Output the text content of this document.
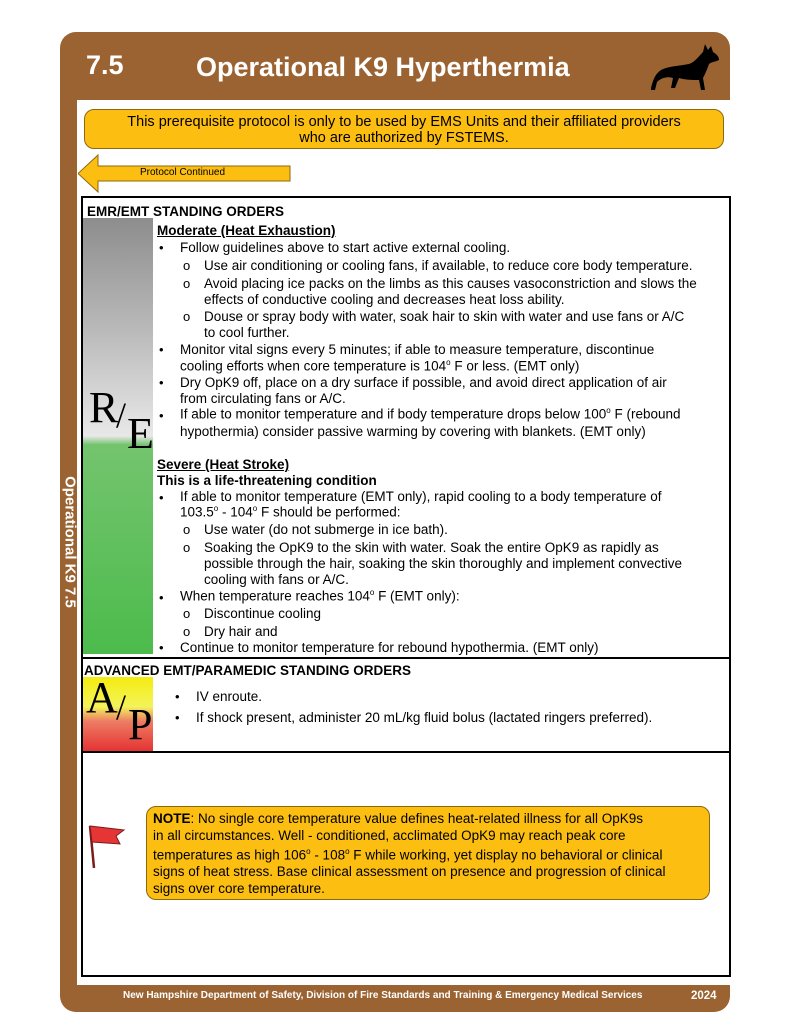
7.5	Operational K9 Hyperthermia
Operational K9 7.5
This prerequisite protocol is only to be used by EMS Units and their affiliated providers
who are authorized by FSTEMS.
Protocol Continued
EMR/EMT STANDING ORDERS
R
/ E
Moderate (Heat Exhaustion)
• Follow guidelines above to start active external cooling.
o Use air conditioning or cooling fans, if available, to reduce core body temperature.
o Avoid placing ice packs on the limbs as this causes vasoconstriction and slows the
effects of conductive cooling and decreases heat loss ability.
o Douse or spray body with water, soak hair to skin with water and use fans or A/C
to cool further.
• Monitor vital signs every 5 minutes; if able to measure temperature, discontinue
cooling efforts when core temperature is 104$^o$ F or less. (EMT only)
• Dry OpK9 off, place on a dry surface if possible, and avoid direct application of air
from circulating fans or A/C.
• If able to monitor temperature and if body temperature drops below 100$^o$ F (rebound
hypothermia) consider passive warming by covering with blankets. (EMT only)
Severe (Heat Stroke)
This is a life-threatening condition
• If able to monitor temperature (EMT only), rapid cooling to a body temperature of
103.5$^o$ - 104$^o$ F should be performed:
o Use water (do not submerge in ice bath).
o Soaking the OpK9 to the skin with water. Soak the entire OpK9 as rapidly as
possible through the hair, soaking the skin thoroughly and implement convective
cooling with fans or A/C.
• When temperature reaches 104$^o$ F (EMT only):
o Discontinue cooling
o Dry hair and
• Continue to monitor temperature for rebound hypothermia. (EMT only)
ADVANCED EMT/PARAMEDIC STANDING ORDERS
A
/ P
• IV enroute.
• If shock present, administer 20 mL/kg fluid bolus (lactated ringers preferred).
NOTE: No single core temperature value defines heat-related illness for all OpK9s
in all circumstances. Well - conditioned, acclimated OpK9 may reach peak core
temperatures as high 106$^o$ - 108$^o$ F while working, yet display no behavioral or clinical
signs of heat stress. Base clinical assessment on presence and progression of clinical
signs over core temperature.
New Hampshire Department of Safety, Division of Fire Standards and Training & Emergency Medical Services	2024
